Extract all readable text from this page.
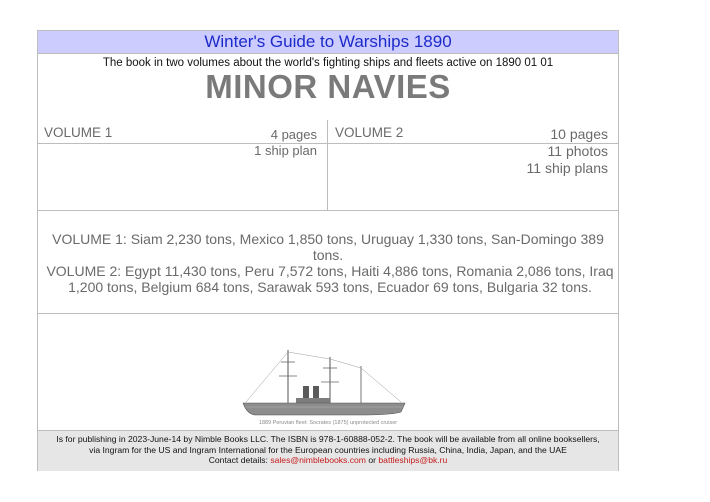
Winter's Guide to Warships 1890
The book in two volumes about the world's fighting ships and fleets active on 1890 01 01
MINOR NAVIES
VOLUME 1	4 pages
1 ship plan
VOLUME 2	10 pages
11 photos
11 ship plans

VOLUME 1: Siam 2,230 tons, Mexico 1,850 tons, Uruguay 1,330 tons, San-Domingo 389 tons.

VOLUME 2: Egypt 11,430 tons, Peru 7,572 tons, Haiti 4,886 tons, Romania 2,086 tons, Iraq 1,200 tons, Belgium 684 tons, Sarawak 593 tons, Ecuador 69 tons, Bulgaria 32 tons.

1889 Peruvian fleet: Socrates (1875) unprotected cruiser
Is for publishing in 2023-June-14 by Nimble Books LLC. The ISBN is 978-1-60888-052-2. The book will be available from all online booksellers,
via Ingram for the US and Ingram International for the European countries including Russia, China, India, Japan, and the UAE
Contact details: sales@nimblebooks.com or battleships@bk.ru
